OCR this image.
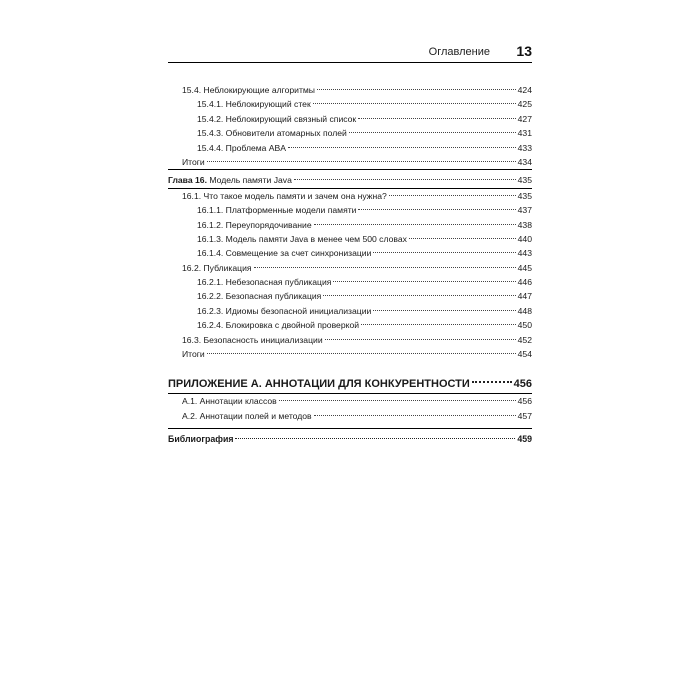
Оглавление 13
15.4. Неблокирующие алгоритмы	424
15.4.1. Неблокирующий стек	425
15.4.2. Неблокирующий связный список	427
15.4.3. Обновители атомарных полей	431
15.4.4. Проблема ABA	433
Итоги	434
Глава 16. Модель памяти Java	435
16.1. Что такое модель памяти и зачем она нужна?	435
16.1.1. Платформенные модели памяти	437
16.1.2. Переупорядочивание	438
16.1.3. Модель памяти Java в менее чем 500 словах	440
16.1.4. Совмещение за счет синхронизации	443
16.2. Публикация	445
16.2.1. Небезопасная публикация	446
16.2.2. Безопасная публикация	447
16.2.3. Идиомы безопасной инициализации	448
16.2.4. Блокировка с двойной проверкой	450
16.3. Безопасность инициализации	452
Итоги	454
ПРИЛОЖЕНИЕ А. АННОТАЦИИ ДЛЯ КОНКУРЕНТНОСТИ	456
А.1. Аннотации классов	456
А.2. Аннотации полей и методов	457
Библиография	459
